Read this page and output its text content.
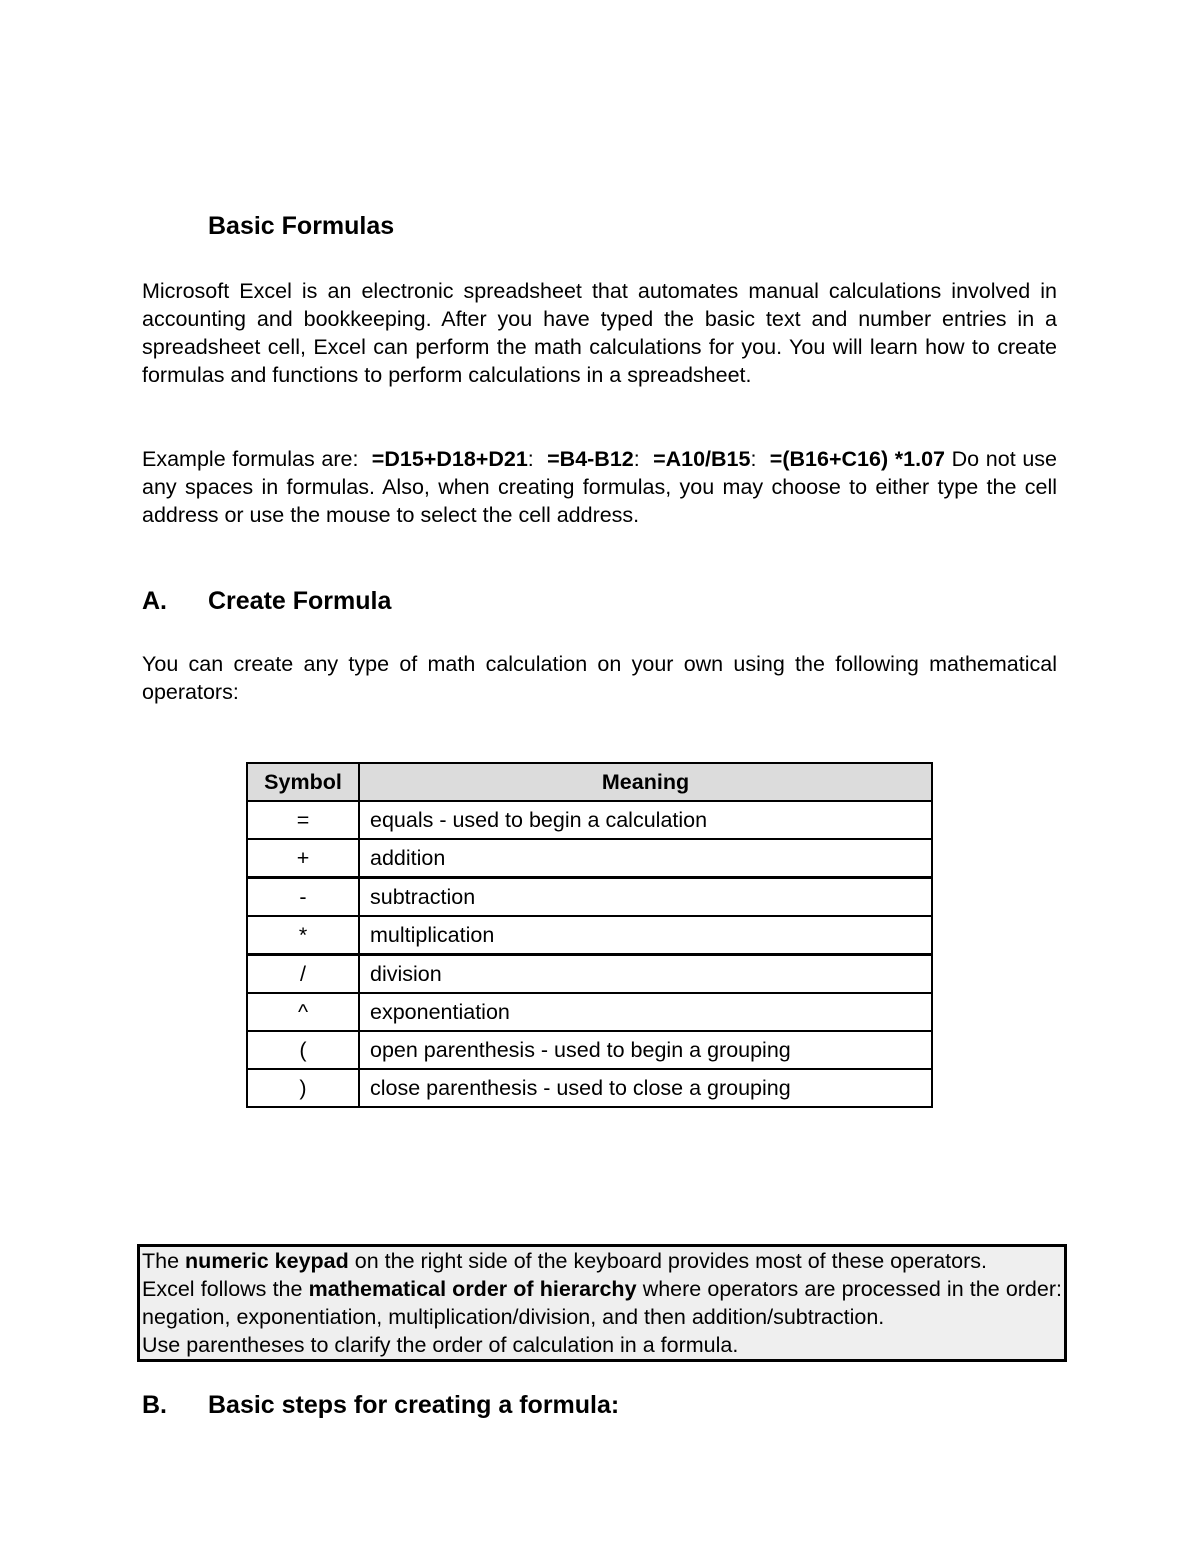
Basic Formulas

Microsoft Excel is an electronic spreadsheet that automates manual calculations involved in accounting and bookkeeping. After you have typed the basic text and number entries in a spreadsheet cell, Excel can perform the math calculations for you. You will learn how to create formulas and functions to perform calculations in a spreadsheet.

Example formulas are: =D15+D18+D21: =B4-B12: =A10/B15: =(B16+C16) *1.07 Do not use any spaces in formulas. Also, when creating formulas, you may choose to either type the cell address or use the mouse to select the cell address.

A.	Create Formula

You can create any type of math calculation on your own using the following mathematical operators:

Symbol	Meaning
=	equals - used to begin a calculation
+	addition
-	subtraction
*	multiplication
/	division
^	exponentiation
(	open parenthesis - used to begin a grouping
)	close parenthesis - used to close a grouping

The numeric keypad on the right side of the keyboard provides most of these operators.

Excel follows the mathematical order of hierarchy where operators are processed in the order: negation, exponentiation, multiplication/division, and then addition/subtraction.

Use parentheses to clarify the order of calculation in a formula.

B.	Basic steps for creating a formula:
